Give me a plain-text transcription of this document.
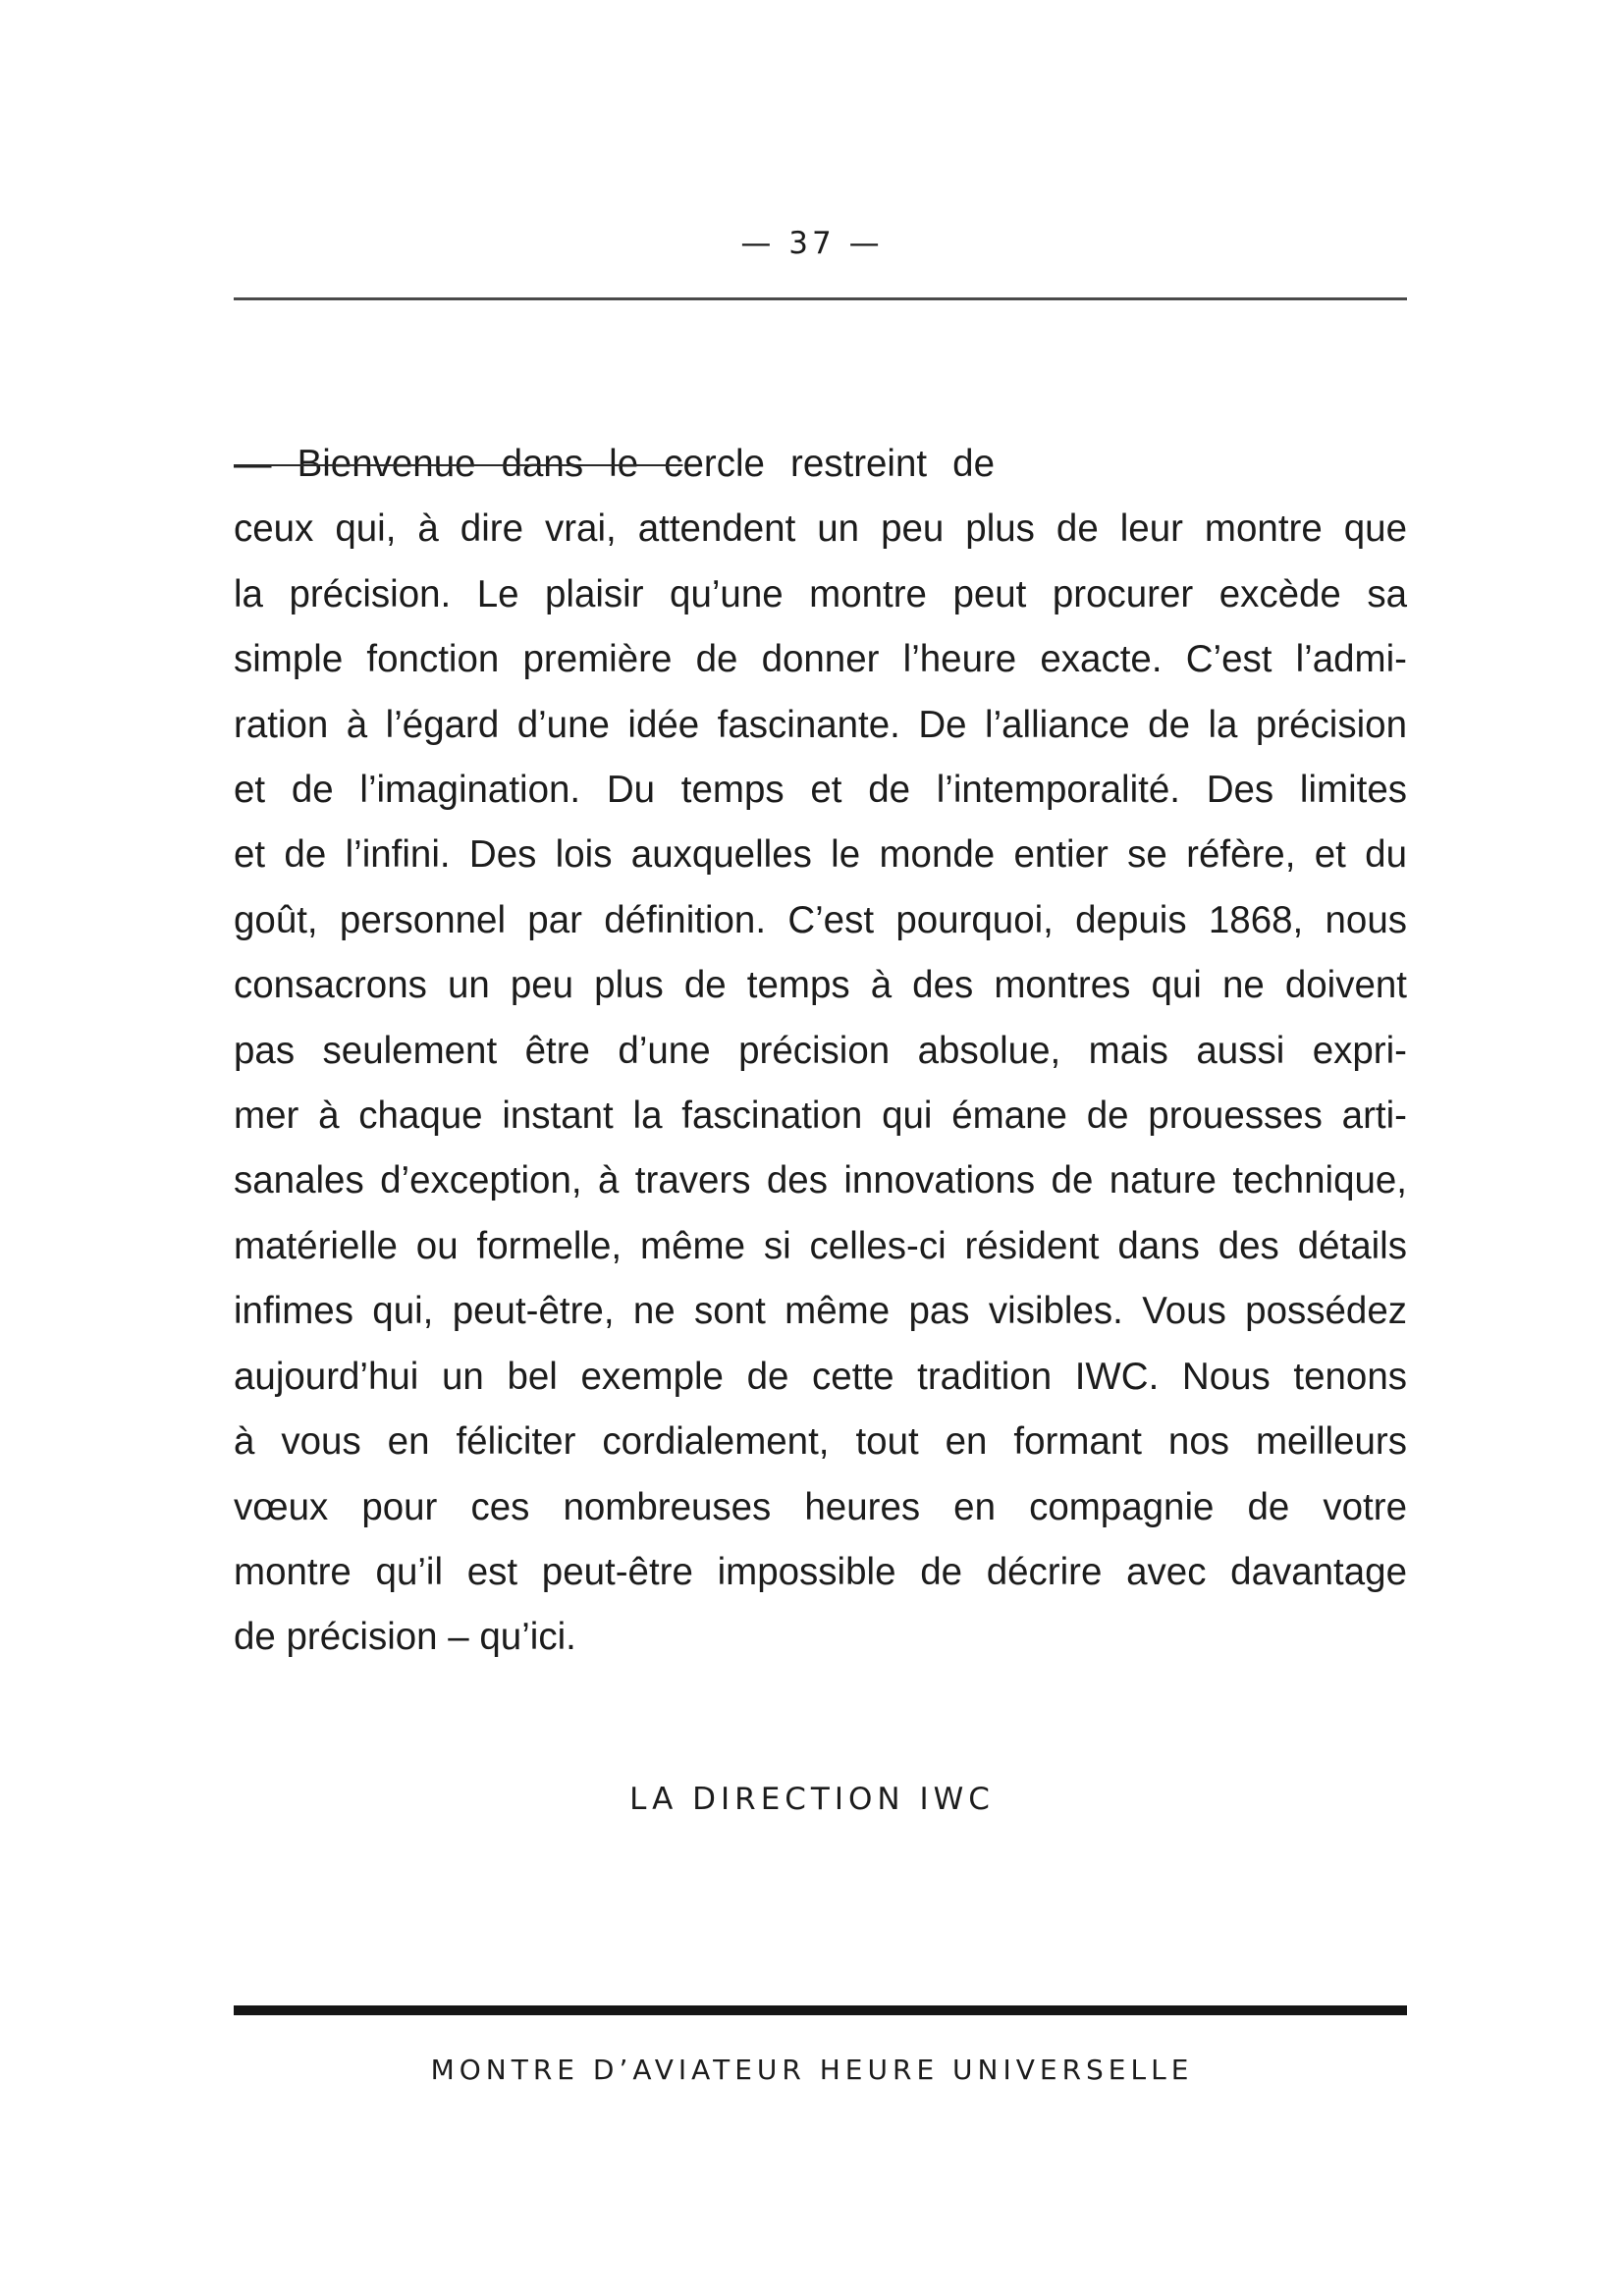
— 37 —
— Bienvenue dans le cercle restreint de
ceux qui, à dire vrai, attendent un peu plus de leur montre que
la précision. Le plaisir qu’une montre peut procurer excède sa
simple fonction première de donner l’heure exacte. C’est l’admi-
ration à l’égard d’une idée fascinante. De l’alliance de la précision
et de l’imagination. Du temps et de l’intemporalité. Des limites
et de l’infini. Des lois auxquelles le monde entier se réfère, et du
goût, personnel par définition. C’est pourquoi, depuis 1868, nous
consacrons un peu plus de temps à des montres qui ne doivent
pas seulement être d’une précision absolue, mais aussi expri-
mer à chaque instant la fascination qui émane de prouesses arti-
sanales d’exception, à travers des innovations de nature technique,
matérielle ou formelle, même si celles-ci résident dans des détails
infimes qui, peut-être, ne sont même pas visibles. Vous possédez
aujourd’hui un bel exemple de cette tradition IWC. Nous tenons
à vous en féliciter cordialement, tout en formant nos meilleurs
vœux pour ces nombreuses heures en compagnie de votre
montre qu’il est peut-être impossible de décrire avec davantage
de précision – qu’ici.
LA DIRECTION IWC
MONTRE D’AVIATEUR HEURE UNIVERSELLE
